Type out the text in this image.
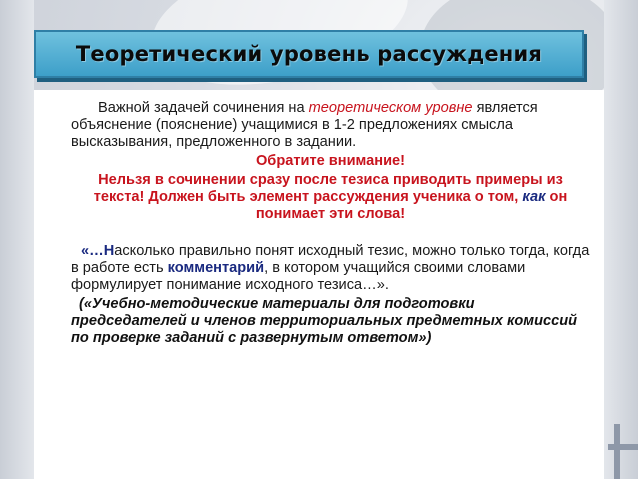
Теоретический уровень рассуждения

Важной задачей сочинения на теоретическом уровне является объяснение (пояснение) учащимися в 1-2 предложениях смысла высказывания, предложенного в задании.

Обратите внимание!

Нельзя в сочинении сразу после тезиса приводить примеры из текста! Должен быть элемент рассуждения ученика о том, как он понимает эти слова!

«…Насколько правильно понят исходный тезис, можно только тогда, когда в работе есть комментарий, в котором учащийся своими словами формулирует понимание исходного тезиса…».

(«Учебно-методические материалы для подготовки председателей и членов территориальных предметных комиссий по проверке заданий с развернутым ответом»)
